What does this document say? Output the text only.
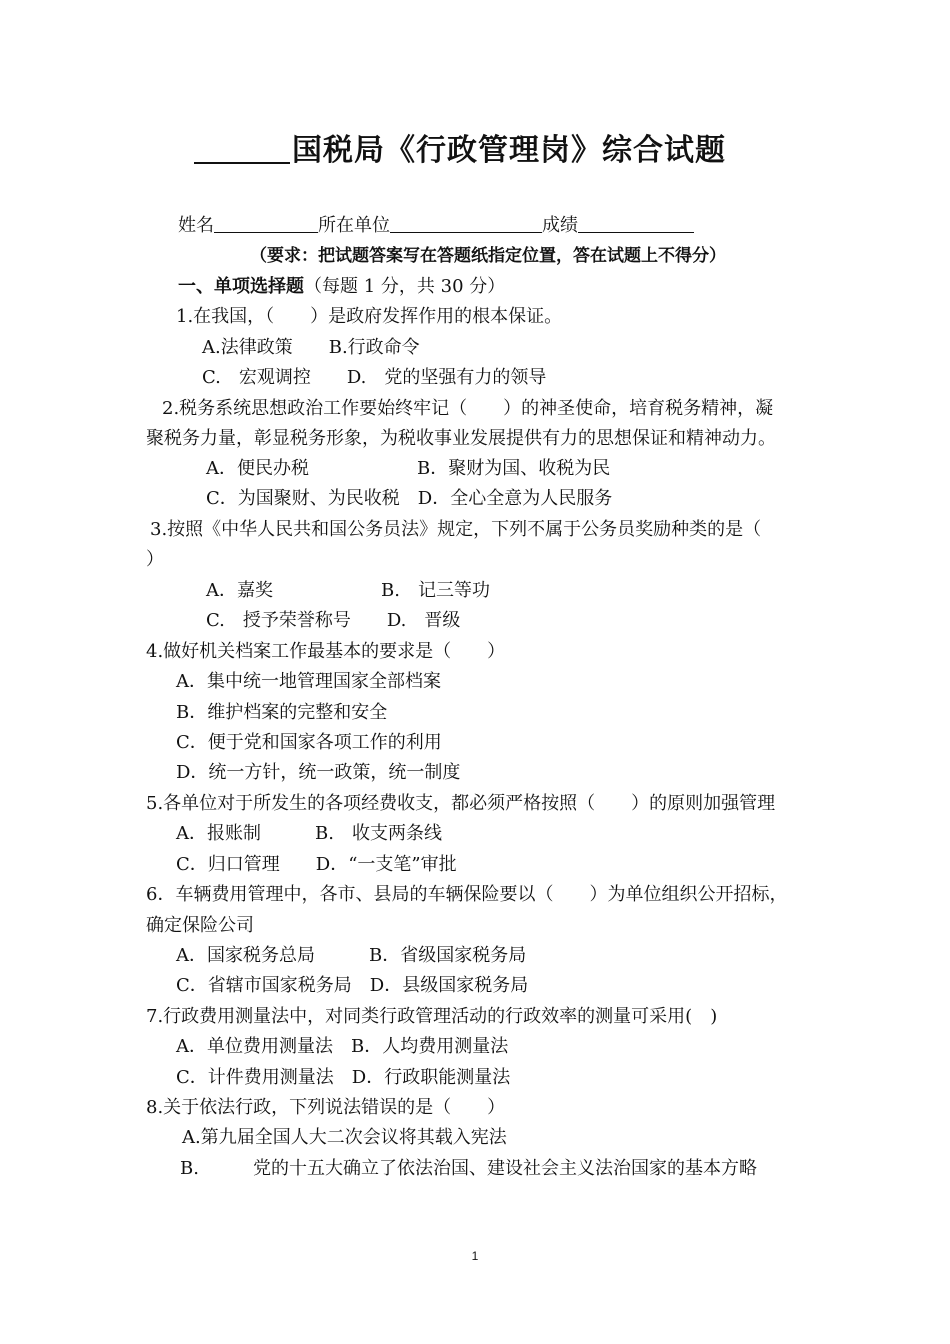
国税局《行政管理岗》综合试题
姓名	所在单位	成绩
（要求：把试题答案写在答题纸指定位置，答在试题上不得分）
一、单项选择题（每题 1 分，共 30 分）
1.在我国，（　　）是政府发挥作用的根本保证。
A.法律政策　　B.行政命令
C.　宏观调控　　D.　党的坚强有力的领导
2.税务系统思想政治工作要始终牢记（　　）的神圣使命，培育税务精神，凝
聚税务力量，彰显税务形象，为税收事业发展提供有力的思想保证和精神动力。
A．便民办税　　　　　　B．聚财为国、收税为民
C．为国聚财、为民收税　D．全心全意为人民服务
3.按照《中华人民共和国公务员法》规定，下列不属于公务员奖励种类的是（
）
A．嘉奖　　　　　　B.　记三等功
C.　授予荣誉称号　　D.　晋级
4.做好机关档案工作最基本的要求是（　　）
A．集中统一地管理国家全部档案
B．维护档案的完整和安全
C．便于党和国家各项工作的利用
D．统一方针，统一政策，统一制度
5.各单位对于所发生的各项经费收支，都必须严格按照（　　）的原则加强管理
A．报账制　　　B.　收支两条线
C．归口管理　　D．“一支笔”审批
6．车辆费用管理中，各市、县局的车辆保险要以（　　）为单位组织公开招标，
确定保险公司
A．国家税务总局　　　B．省级国家税务局
C．省辖市国家税务局　D．县级国家税务局
7.行政费用测量法中，对同类行政管理活动的行政效率的测量可采用(　)
A．单位费用测量法　B．人均费用测量法
C．计件费用测量法　D．行政职能测量法
8.关于依法行政，下列说法错误的是（　　）
A.第九届全国人大二次会议将其载入宪法
B.　　　党的十五大确立了依法治国、建设社会主义法治国家的基本方略
1
